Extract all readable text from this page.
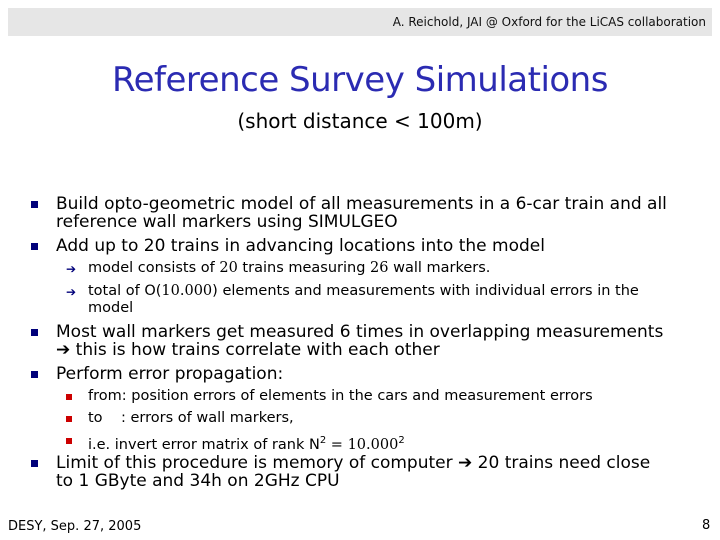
A. Reichold, JAI @ Oxford for the LiCAS collaboration
Reference Survey Simulations
(short distance < 100m)
Build opto-geometric model of all measurements in a 6-car train and all
reference wall markers using SIMULGEO
Add up to 20 trains in advancing locations into the model
➔ model consists of 20 trains measuring 26 wall markers.
➔ total of O(10.000) elements and measurements with individual errors in the
model
Most wall markers get measured 6 times in overlapping measurements
➔ this is how trains correlate with each other
Perform error propagation:
from: position errors of elements in the cars and measurement errors
to    : errors of wall markers,
i.e. invert error matrix of rank $N^2 = 10.000^2$
Limit of this procedure is memory of computer ➔ 20 trains need close
to 1 GByte and 34h on 2GHz CPU
DESY, Sep. 27, 2005	8
